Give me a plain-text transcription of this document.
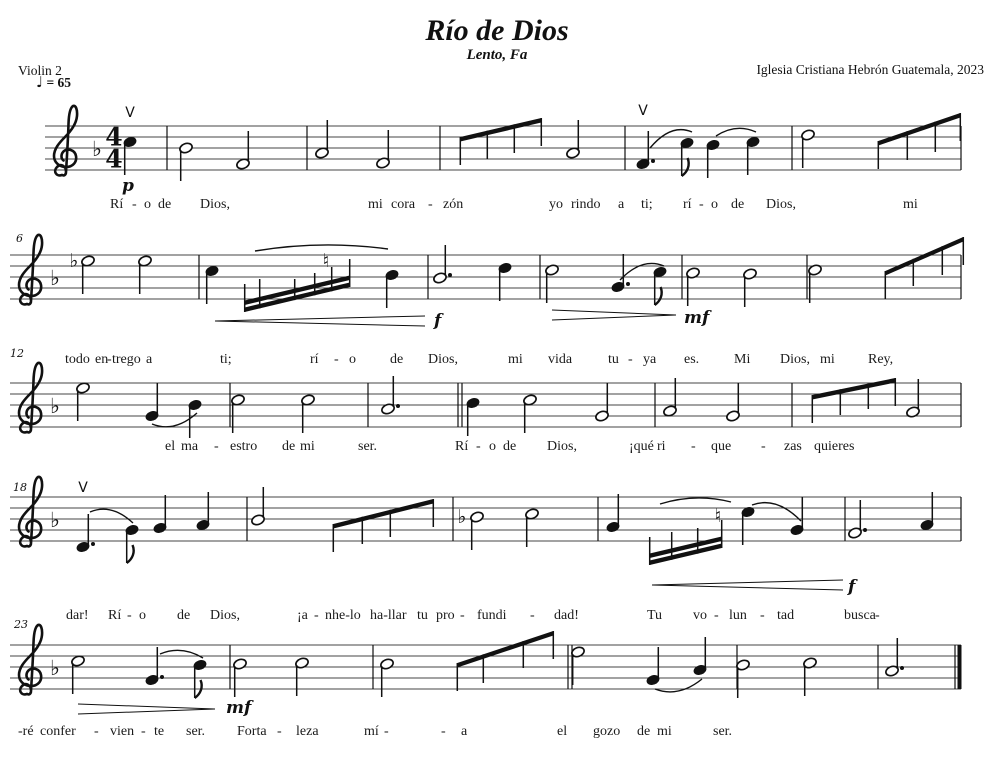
Río de Dios
Lento, Fa
Violin 2
♩ = 65
Iglesia Cristiana Hebrón Guatemala, 2023
♭ 4
4
V	V
p
♭
♭	♮
f	mf
6
♭
12
♭	♭	♮
V
f
18
♭
mf
23
Rí - o de Dios,	mi cora - zón	yo rindo a ti; rí - o de Dios,	mi
todo en
- trego a	ti;	rí - o de Dios,	mi vida	tu - ya es. Mi Dios, mi Rey,
el ma - estro de mi	ser.	Rí - o de Dios,	¡qué ri - que - zas quieres
dar! Rí - o de Dios,	¡a - nhe-lo ha-llar tu pro - fundi - dad!	Tu vo - lun - tad	busca -
-ré confer - vien - te ser. Forta - leza	mí -	- a	el gozo de mi	ser.
